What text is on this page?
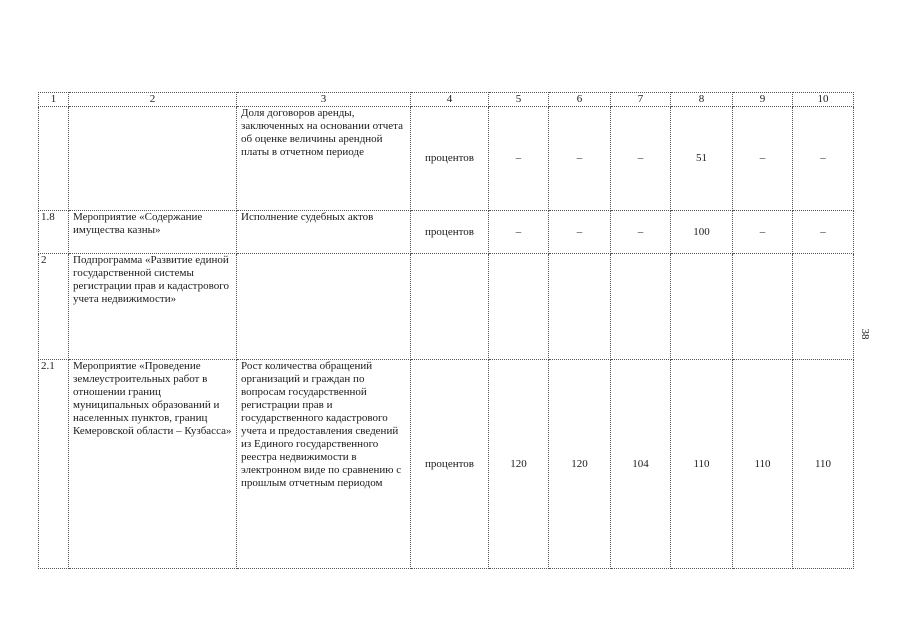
1	2	3	4	5	6	7	8	9	10
		Доля договоров аренды, заключенных на основании отчета об оценке величины арендной платы в отчетном периоде	процентов	–	–	–	51	–	–
1.8	Мероприятие «Содержание имущества казны»	Исполнение судебных актов	процентов	–	–	–	100	–	–
2	Подпрограмма «Развитие единой государственной системы регистрации прав и кадастрового учета недвижимости»								
2.1	Мероприятие «Проведение землеустроительных работ в отношении границ муниципальных образований и населенных пунктов, границ Кемеровской области – Кузбасса»	Рост количества обращений организаций и граждан по вопросам государственной регистрации прав и государственного кадастрового учета и предоставления сведений из Единого государственного реестра недвижимости в электронном виде по сравнению с прошлым отчетным периодом	процентов	120	120	104	110	110	110
38
